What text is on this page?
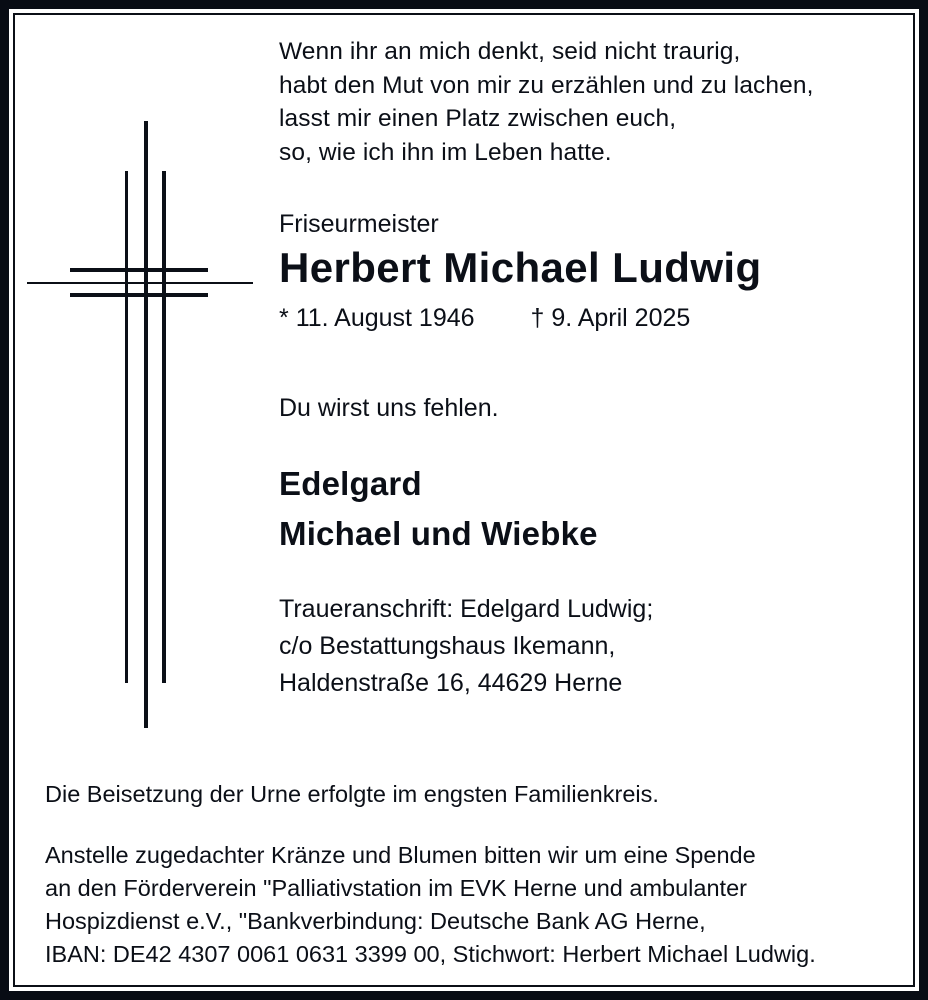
Wenn ihr an mich denkt, seid nicht traurig,
habt den Mut von mir zu erzählen und zu lachen,
lasst mir einen Platz zwischen euch,
so, wie ich ihn im Leben hatte.
Friseurmeister
Herbert Michael Ludwig
* 11. August 1946 † 9. April 2025
Du wirst uns fehlen.
Edelgard
Michael und Wiebke
Traueranschrift: Edelgard Ludwig;
c/o Bestattungshaus Ikemann,
Haldenstraße 16, 44629 Herne
Die Beisetzung der Urne erfolgte im engsten Familienkreis.
Anstelle zugedachter Kränze und Blumen bitten wir um eine Spende
an den Förderverein "Palliativstation im EVK Herne und ambulanter
Hospizdienst e.V., "Bankverbindung: Deutsche Bank AG Herne,
IBAN: DE42 4307 0061 0631 3399 00, Stichwort: Herbert Michael Ludwig.
